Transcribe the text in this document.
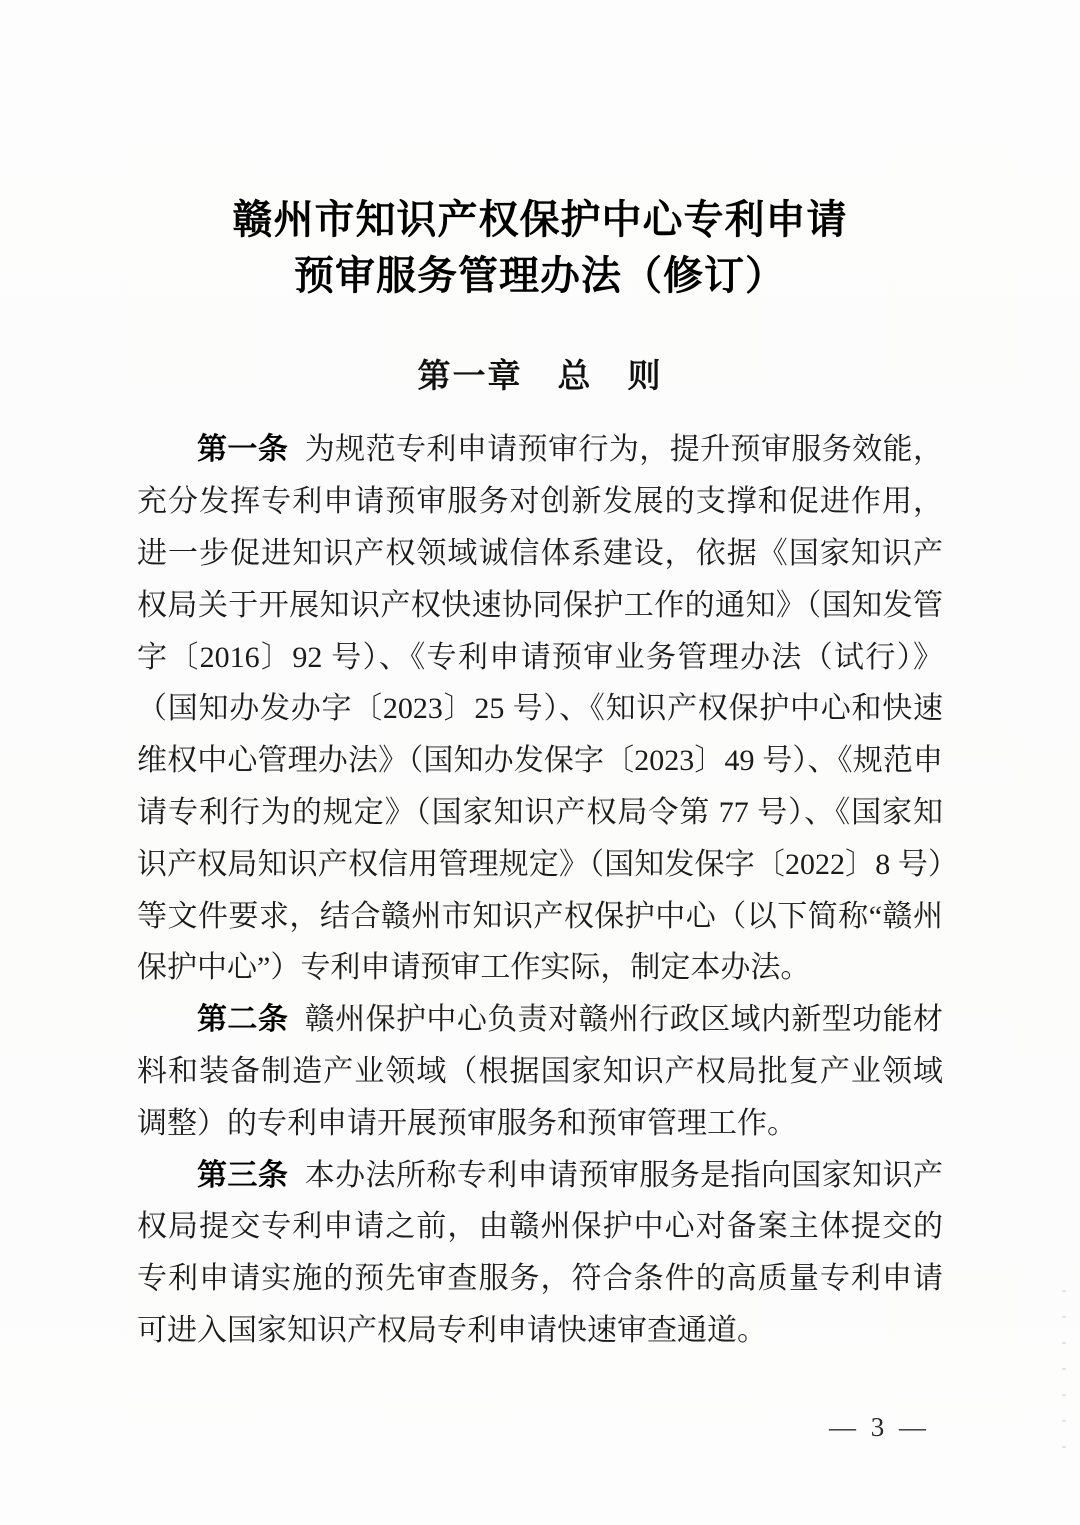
赣州市知识产权保护中心专利申请
预审服务管理办法（修订）
第一章　总　则

第一条 为规范专利申请预审行为，提升预审服务效能，充分发挥专利申请预审服务对创新发展的支撑和促进作用，进一步促进知识产权领域诚信体系建设，依据《国家知识产权局关于开展知识产权快速协同保护工作的通知》（国知发管字〔2016〕92 号）、《专利申请预审业务管理办法（试行）》（国知办发办字〔2023〕25 号）、《知识产权保护中心和快速维权中心管理办法》（国知办发保字〔2023〕49 号）、《规范申请专利行为的规定》（国家知识产权局令第 77 号）、《国家知识产权局知识产权信用管理规定》（国知发保字〔2022〕8 号）等文件要求，结合赣州市知识产权保护中心（以下简称“赣州保护中心”）专利申请预审工作实际，制定本办法。

第二条 赣州保护中心负责对赣州行政区域内新型功能材料和装备制造产业领域（根据国家知识产权局批复产业领域调整）的专利申请开展预审服务和预审管理工作。

第三条 本办法所称专利申请预审服务是指向国家知识产权局提交专利申请之前，由赣州保护中心对备案主体提交的专利申请实施的预先审查服务，符合条件的高质量专利申请可进入国家知识产权局专利申请快速审查通道。

— 3 —
